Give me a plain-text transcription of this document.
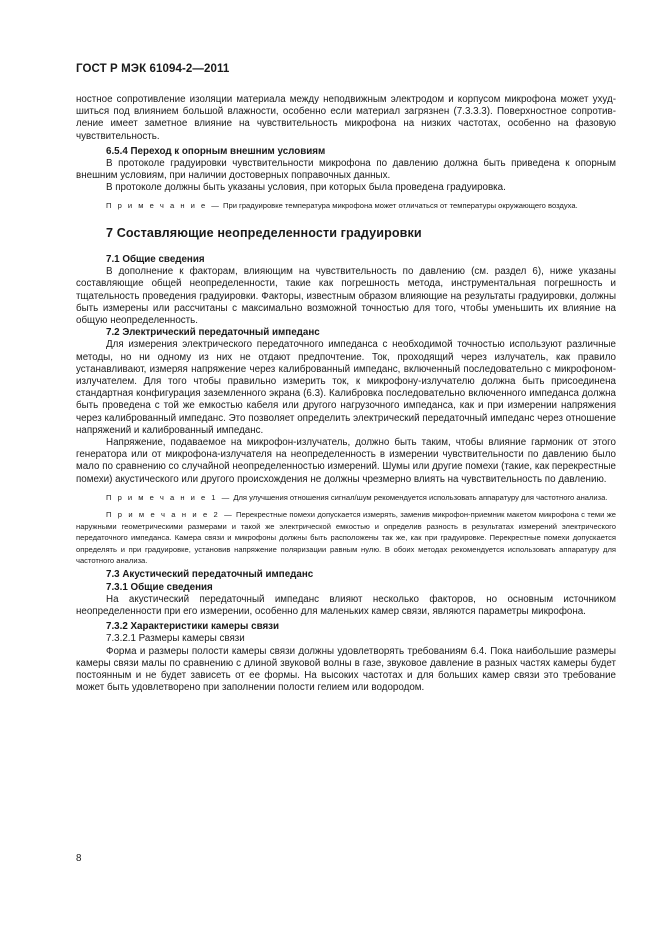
ГОСТ Р МЭК 61094-2—2011

ностное сопротивление изоляции материала между неподвижным электродом и корпусом микрофона может ухудшиться под влиянием большой влажности, особенно если материал загрязнен (7.3.3.3). Поверхностное сопротивление имеет заметное влияние на чувствительность микрофона на низких частотах, особенно на фазовую чувствительность.

6.5.4 Переход к опорным внешним условиям

В протоколе градуировки чувствительности микрофона по давлению должна быть приведена к опорным внешним условиям, при наличии достоверных поправочных данных.

В протоколе должны быть указаны условия, при которых была проведена градуировка.

П р и м е ч а н и е — При градуировке температура микрофона может отличаться от температуры окружающего воздуха.

7 Составляющие неопределенности градуировки
7.1 Общие сведения

В дополнение к факторам, влияющим на чувствительность по давлению (см. раздел 6), ниже указаны составляющие общей неопределенности, такие как погрешность метода, инструментальная погрешность и тщательность проведения градуировки. Факторы, известным образом влияющие на результаты градуировки, должны быть измерены или рассчитаны с максимально возможной точностью для того, чтобы уменьшить их влияние на общую неопределенность.

7.2 Электрический передаточный импеданс

Для измерения электрического передаточного импеданса с необходимой точностью используют различные методы, но ни одному из них не отдают предпочтение. Ток, проходящий через излучатель, как правило устанавливают, измеряя напряжение через калиброванный импеданс, включенный последовательно с микрофоном-излучателем. Для того чтобы правильно измерить ток, к микрофону-излучателю должна быть присоединена стандартная конфигурация заземленного экрана (6.3). Калибровка последовательно включенного импеданса должна быть проведена с той же емкостью кабеля или другого нагрузочного импеданса, как и при измерении напряжения через калиброванный импеданс. Это позволяет определить электрический передаточный импеданс через отношение напряжений и калиброванный импеданс.

Напряжение, подаваемое на микрофон-излучатель, должно быть таким, чтобы влияние гармоник от этого генератора или от микрофона-излучателя на неопределенность в измерении чувствительности по давлению было мало по сравнению со случайной неопределенностью измерений. Шумы или другие помехи (такие, как перекрестные помехи) акустического или другого происхождения не должны чрезмерно влиять на чувствительность по давлению.

П р и м е ч а н и е 1 — Для улучшения отношения сигнал/шум рекомендуется использовать аппаратуру для частотного анализа.

П р и м е ч а н и е 2 — Перекрестные помехи допускается измерять, заменив микрофон-приемник макетом микрофона с теми же наружными геометрическими размерами и такой же электрической емкостью и определив разность в результатах измерений электрического передаточного импеданса. Камера связи и микрофоны должны быть расположены так же, как при градуировке. Перекрестные помехи допускается определять и при градуировке, установив напряжение поляризации равным нулю. В обоих методах рекомендуется использовать аппаратуру для частотного анализа.

7.3 Акустический передаточный импеданс
7.3.1 Общие сведения

На акустический передаточный импеданс влияют несколько факторов, но основным источником неопределенности при его измерении, особенно для маленьких камер связи, являются параметры микрофона.

7.3.2 Характеристики камеры связи
7.3.2.1 Размеры камеры связи

Форма и размеры полости камеры связи должны удовлетворять требованиям 6.4. Пока наибольшие размеры камеры связи малы по сравнению с длиной звуковой волны в газе, звуковое давление в разных частях камеры будет постоянным и не будет зависеть от ее формы. На высоких частотах и для больших камер связи это требование может быть удовлетворено при заполнении полости гелием или водородом.

8
